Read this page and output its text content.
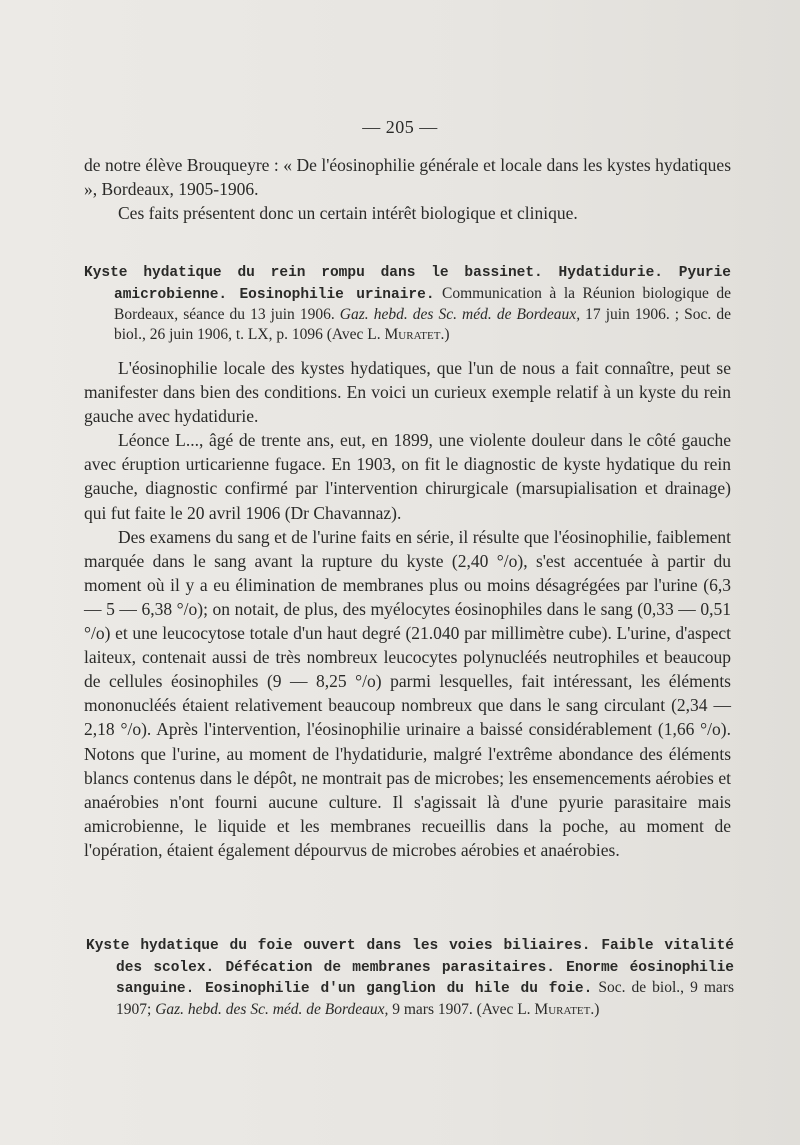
— 205 —

de notre élève Brouqueyre : « De l'éosinophilie générale et locale dans les kystes hydatiques », Bordeaux, 1905-1906.

Ces faits présentent donc un certain intérêt biologique et clinique.

Kyste hydatique du rein rompu dans le bassinet. Hydatidurie. Pyurie amicrobienne. Eosinophilie urinaire. Communication à la Réunion biologique de Bordeaux, séance du 13 juin 1906. Gaz. hebd. des Sc. méd. de Bordeaux, 17 juin 1906. ; Soc. de biol., 26 juin 1906, t. LX, p. 1096 (Avec L. Muratet.)

L'éosinophilie locale des kystes hydatiques, que l'un de nous a fait connaître, peut se manifester dans bien des conditions. En voici un curieux exemple relatif à un kyste du rein gauche avec hydatidurie.

Léonce L..., âgé de trente ans, eut, en 1899, une violente douleur dans le côté gauche avec éruption urticarienne fugace. En 1903, on fit le diagnostic de kyste hydatique du rein gauche, diagnostic confirmé par l'intervention chirurgicale (marsupialisation et drainage) qui fut faite le 20 avril 1906 (Dr Chavannaz).

Des examens du sang et de l'urine faits en série, il résulte que l'éosinophilie, faiblement marquée dans le sang avant la rupture du kyste (2,40 °/o), s'est accentuée à partir du moment où il y a eu élimination de membranes plus ou moins désagrégées par l'urine (6,3 — 5 — 6,38 °/o); on notait, de plus, des myélocytes éosinophiles dans le sang (0,33 — 0,51 °/o) et une leucocytose totale d'un haut degré (21.040 par millimètre cube). L'urine, d'aspect laiteux, contenait aussi de très nombreux leucocytes polynucléés neutrophiles et beaucoup de cellules éosinophiles (9 — 8,25 °/o) parmi lesquelles, fait intéressant, les éléments mononucléés étaient relativement beaucoup nombreux que dans le sang circulant (2,34 — 2,18 °/o). Après l'intervention, l'éosinophilie urinaire a baissé considérablement (1,66 °/o). Notons que l'urine, au moment de l'hydatidurie, malgré l'extrême abondance des éléments blancs contenus dans le dépôt, ne montrait pas de microbes; les ensemencements aérobies et anaérobies n'ont fourni aucune culture. Il s'agissait là d'une pyurie parasitaire mais amicrobienne, le liquide et les membranes recueillis dans la poche, au moment de l'opération, étaient également dépourvus de microbes aérobies et anaérobies.

Kyste hydatique du foie ouvert dans les voies biliaires. Faible vitalité des scolex. Défécation de membranes parasitaires. Enorme éosinophilie sanguine. Eosinophilie d'un ganglion du hile du foie. Soc. de biol., 9 mars 1907; Gaz. hebd. des Sc. méd. de Bordeaux, 9 mars 1907. (Avec L. Muratet.)
